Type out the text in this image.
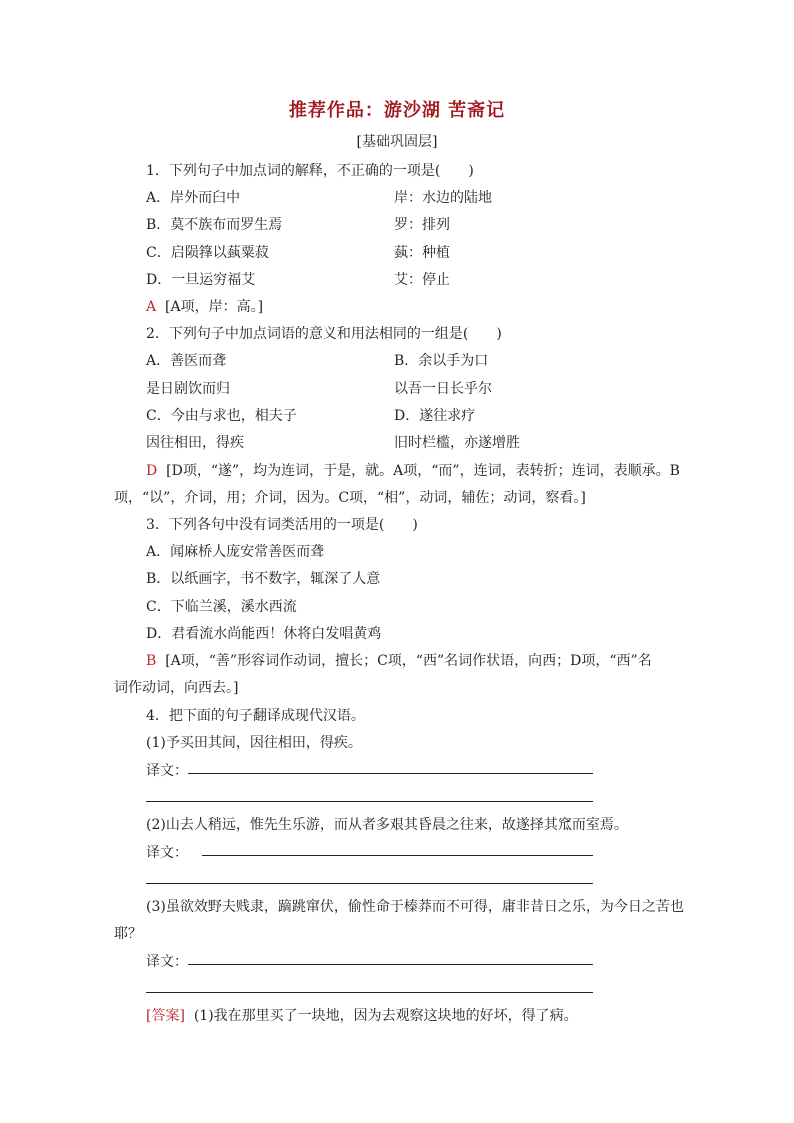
推荐作品：游沙湖 苦斋记
[基础巩固层]
1．下列句子中加点词的解释，不正确的一项是(　　)
A．岸外而臼中	岸：水边的陆地
B．莫不族布而罗生焉	罗：排列
C．启陨箨以蓺粟菽	蓺：种植
D．一旦运穷福艾	艾：停止
A [A项，岸：高。]
2．下列句子中加点词语的意义和用法相同的一组是(　　)
A．善医而聋	B．余以手为口
是日剧饮而归	以吾一日长乎尔
C．今由与求也，相夫子	D．遂往求疗
因往相田，得疾	旧时栏槛，亦遂增胜
D [D项，“遂”，均为连词，于是，就。A项，“而”，连词，表转折；连词，表顺承。B
项，“以”，介词，用；介词，因为。C项，“相”，动词，辅佐；动词，察看。]
3．下列各句中没有词类活用的一项是(　　)
A．闻麻桥人庞安常善医而聋
B．以纸画字，书不数字，辄深了人意
C．下临兰溪，溪水西流
D．君看流水尚能西！休将白发唱黄鸡
B [A项，“善”形容词作动词，擅长；C项，“西”名词作状语，向西；D项，“西”名
词作动词，向西去。]
4．把下面的句子翻译成现代汉语。
(1)予买田其间，因往相田，得疾。
译文：
(2)山去人稍远，惟先生乐游，而从者多艰其昏晨之往来，故遂择其窊而室焉。
译文：
(3)虽欲效野夫贱隶，蹢跳窜伏，偷性命于榛莽而不可得，庸非昔日之乐，为今日之苦也
耶？
译文：
[答案] (1)我在那里买了一块地，因为去观察这块地的好坏，得了病。
